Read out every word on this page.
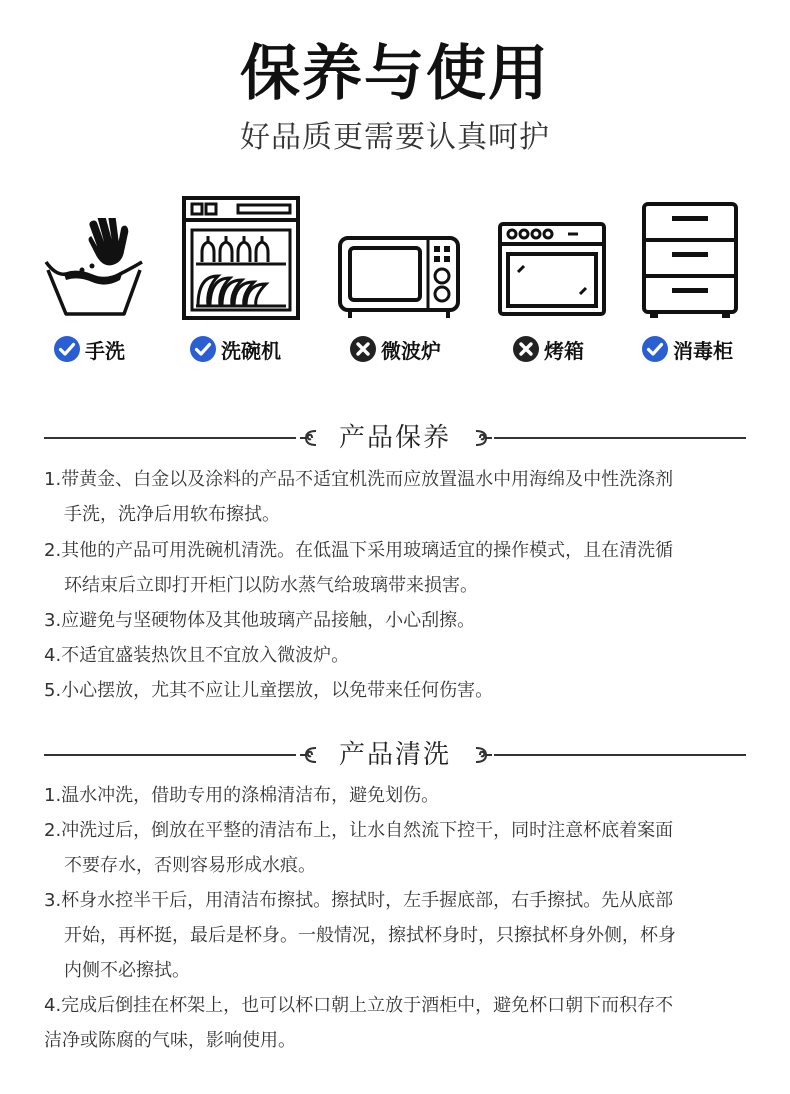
保养与使用
好品质更需要认真呵护
手洗	洗碗机	微波炉	烤箱	消毒柜
产品保养
1.带黄金、白金以及涂料的产品不适宜机洗而应放置温水中用海绵及中性洗涤剂
手洗，洗净后用软布擦拭。
2.其他的产品可用洗碗机清洗。在低温下采用玻璃适宜的操作模式，且在清洗循
环结束后立即打开柜门以防水蒸气给玻璃带来损害。
3.应避免与坚硬物体及其他玻璃产品接触，小心刮擦。
4.不适宜盛装热饮且不宜放入微波炉。
5.小心摆放，尤其不应让儿童摆放，以免带来任何伤害。
产品清洗
1.温水冲洗，借助专用的涤棉清洁布，避免划伤。
2.冲洗过后，倒放在平整的清洁布上，让水自然流下控干，同时注意杯底着案面
不要存水，否则容易形成水痕。
3.杯身水控半干后，用清洁布擦拭。擦拭时，左手握底部，右手擦拭。先从底部
开始，再杯挺，最后是杯身。一般情况，擦拭杯身时，只擦拭杯身外侧，杯身
内侧不必擦拭。
4.完成后倒挂在杯架上，也可以杯口朝上立放于酒柜中，避免杯口朝下而积存不
洁净或陈腐的气味，影响使用。
